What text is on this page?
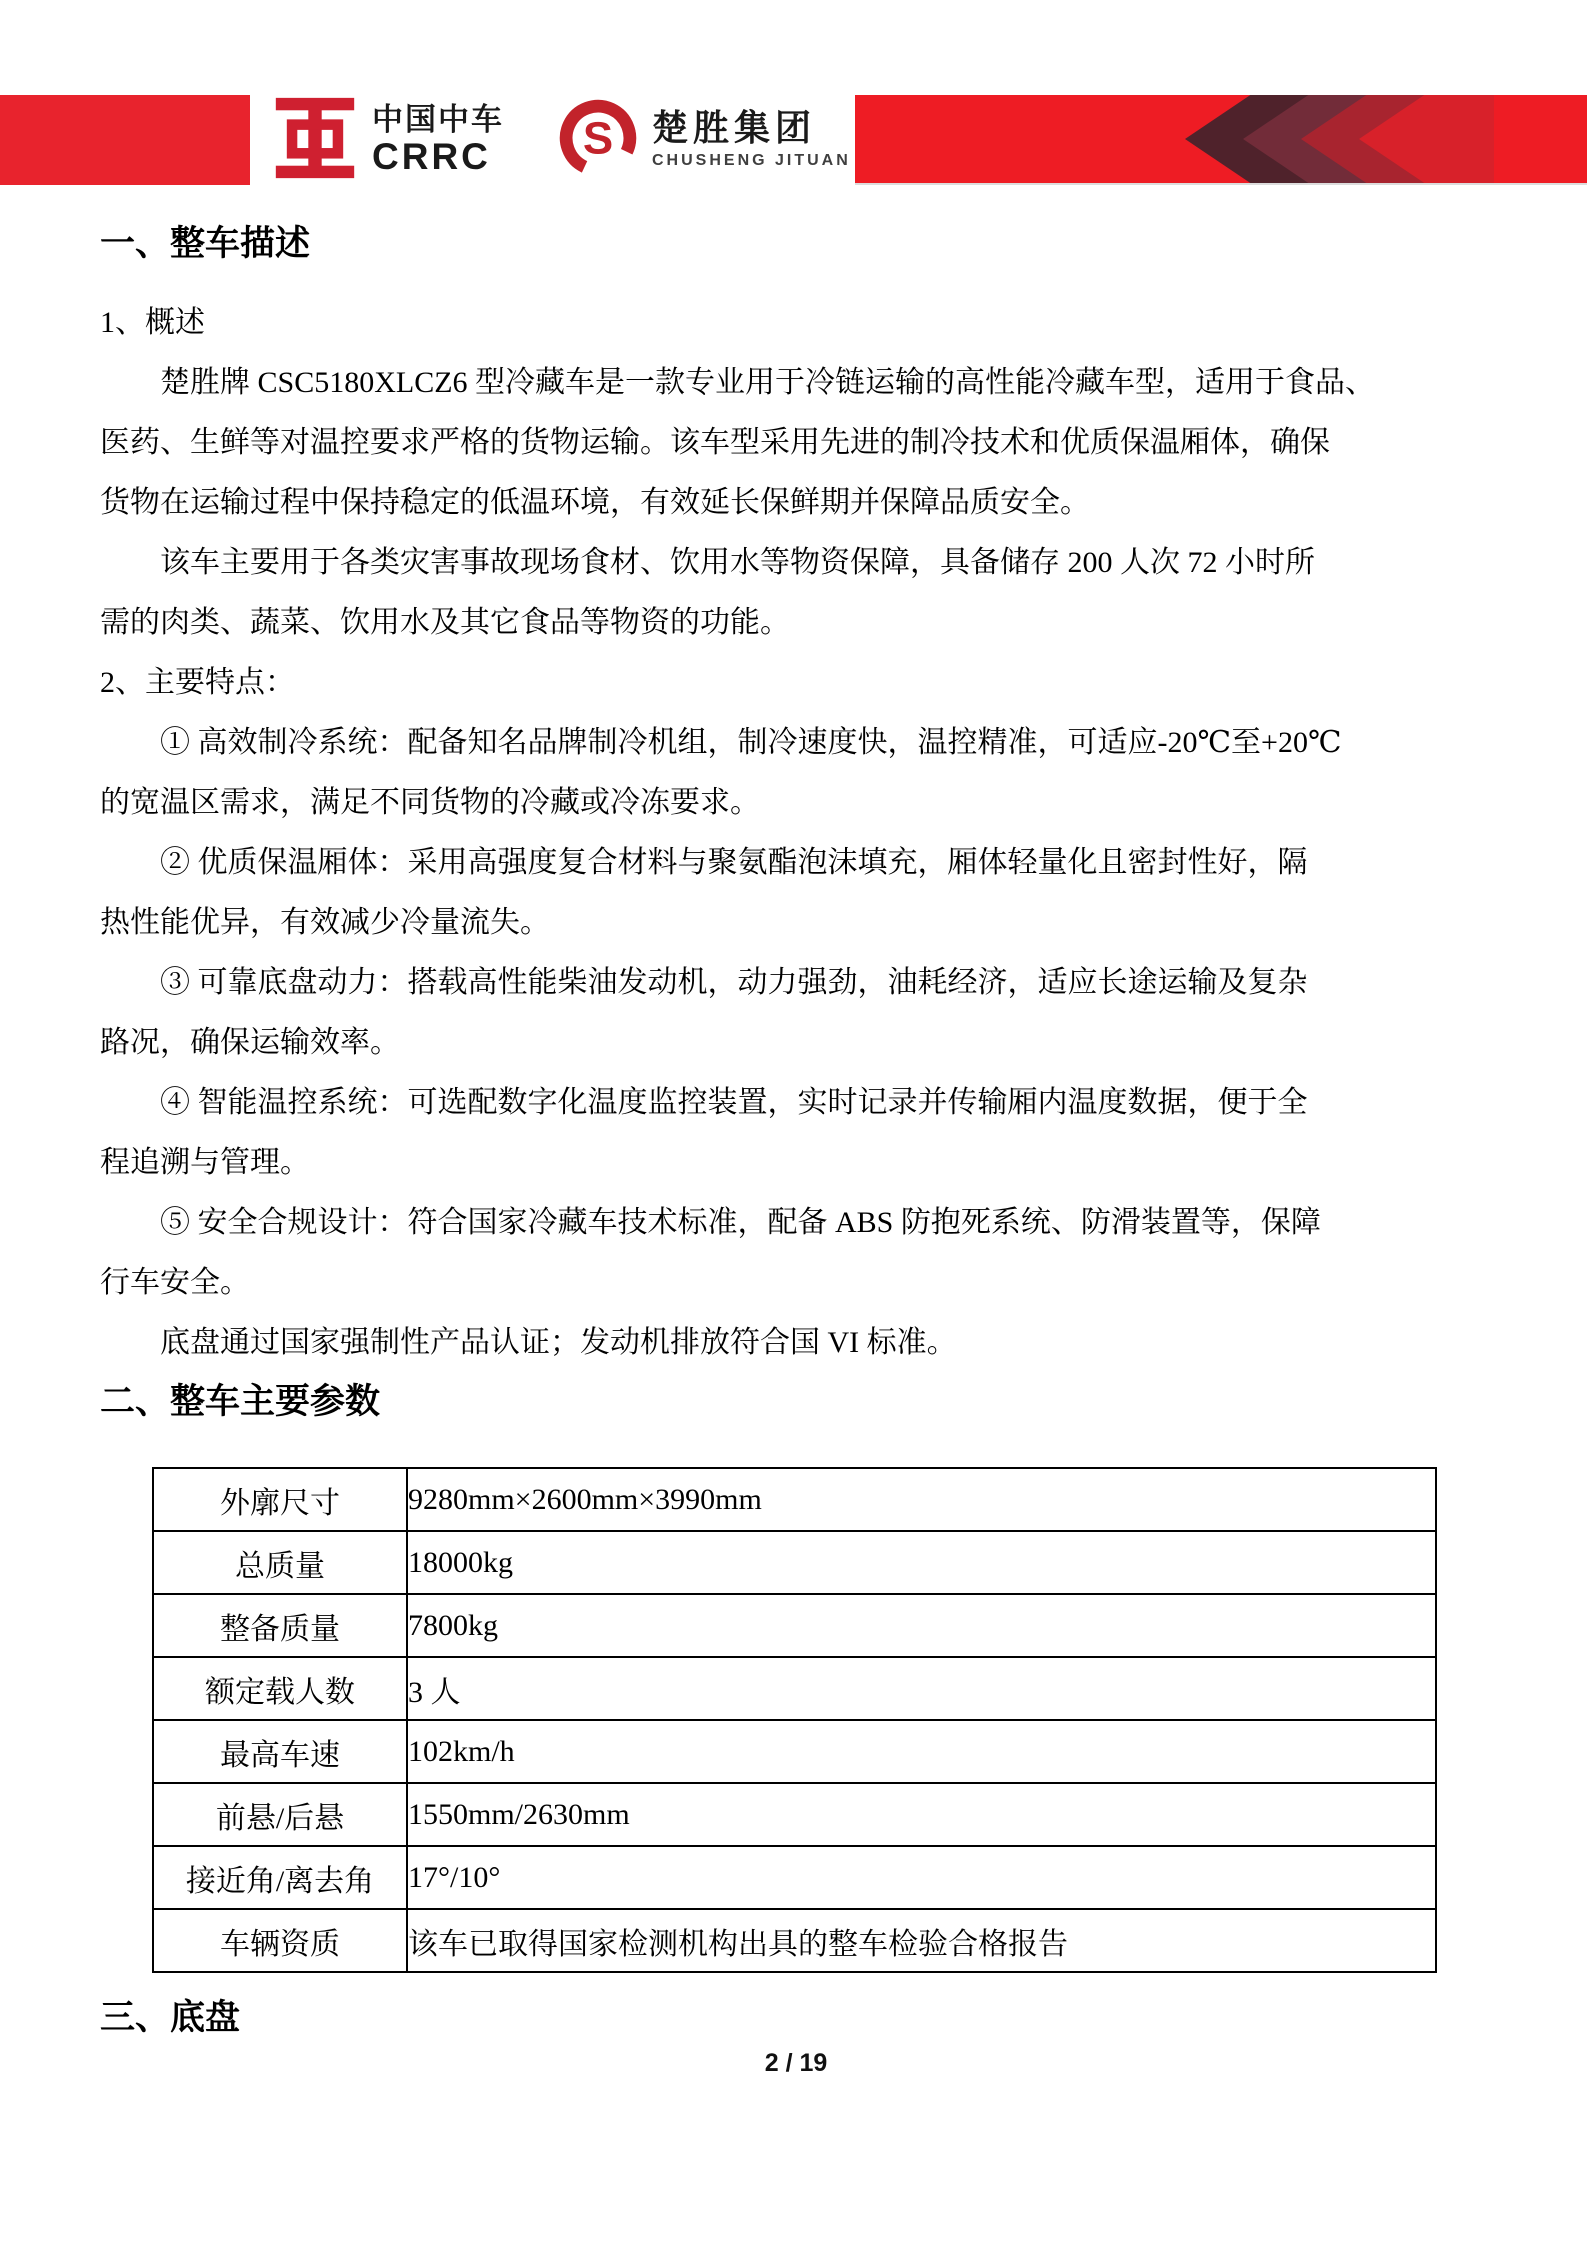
中国中车
CRRC S 楚胜集团
CHUSHENG JITUAN
一、整车描述

1、概述

楚胜牌 CSC5180XLCZ6 型冷藏车是一款专业用于冷链运输的高性能冷藏车型，适用于食品、

医药、生鲜等对温控要求严格的货物运输。该车型采用先进的制冷技术和优质保温厢体，确保

货物在运输过程中保持稳定的低温环境，有效延长保鲜期并保障品质安全。

该车主要用于各类灾害事故现场食材、饮用水等物资保障，具备储存 200 人次 72 小时所

需的肉类、蔬菜、饮用水及其它食品等物资的功能。

2、主要特点：

① 高效制冷系统：配备知名品牌制冷机组，制冷速度快，温控精准，可适应-20℃至+20℃

的宽温区需求，满足不同货物的冷藏或冷冻要求。

② 优质保温厢体：采用高强度复合材料与聚氨酯泡沫填充，厢体轻量化且密封性好，隔

热性能优异，有效减少冷量流失。

③ 可靠底盘动力：搭载高性能柴油发动机，动力强劲，油耗经济，适应长途运输及复杂

路况，确保运输效率。

④ 智能温控系统：可选配数字化温度监控装置，实时记录并传输厢内温度数据，便于全

程追溯与管理。

⑤ 安全合规设计：符合国家冷藏车技术标准，配备 ABS 防抱死系统、防滑装置等，保障

行车安全。

底盘通过国家强制性产品认证；发动机排放符合国 VI 标准。

二、整车主要参数
外廓尺寸	9280mm×2600mm×3990mm
总质量	18000kg
整备质量	7800kg
额定载人数	3 人
最高车速	102km/h
前悬/后悬	1550mm/2630mm
接近角/离去角	17°/10°
车辆资质	该车已取得国家检测机构出具的整车检验合格报告
三、底盘
2 / 19
